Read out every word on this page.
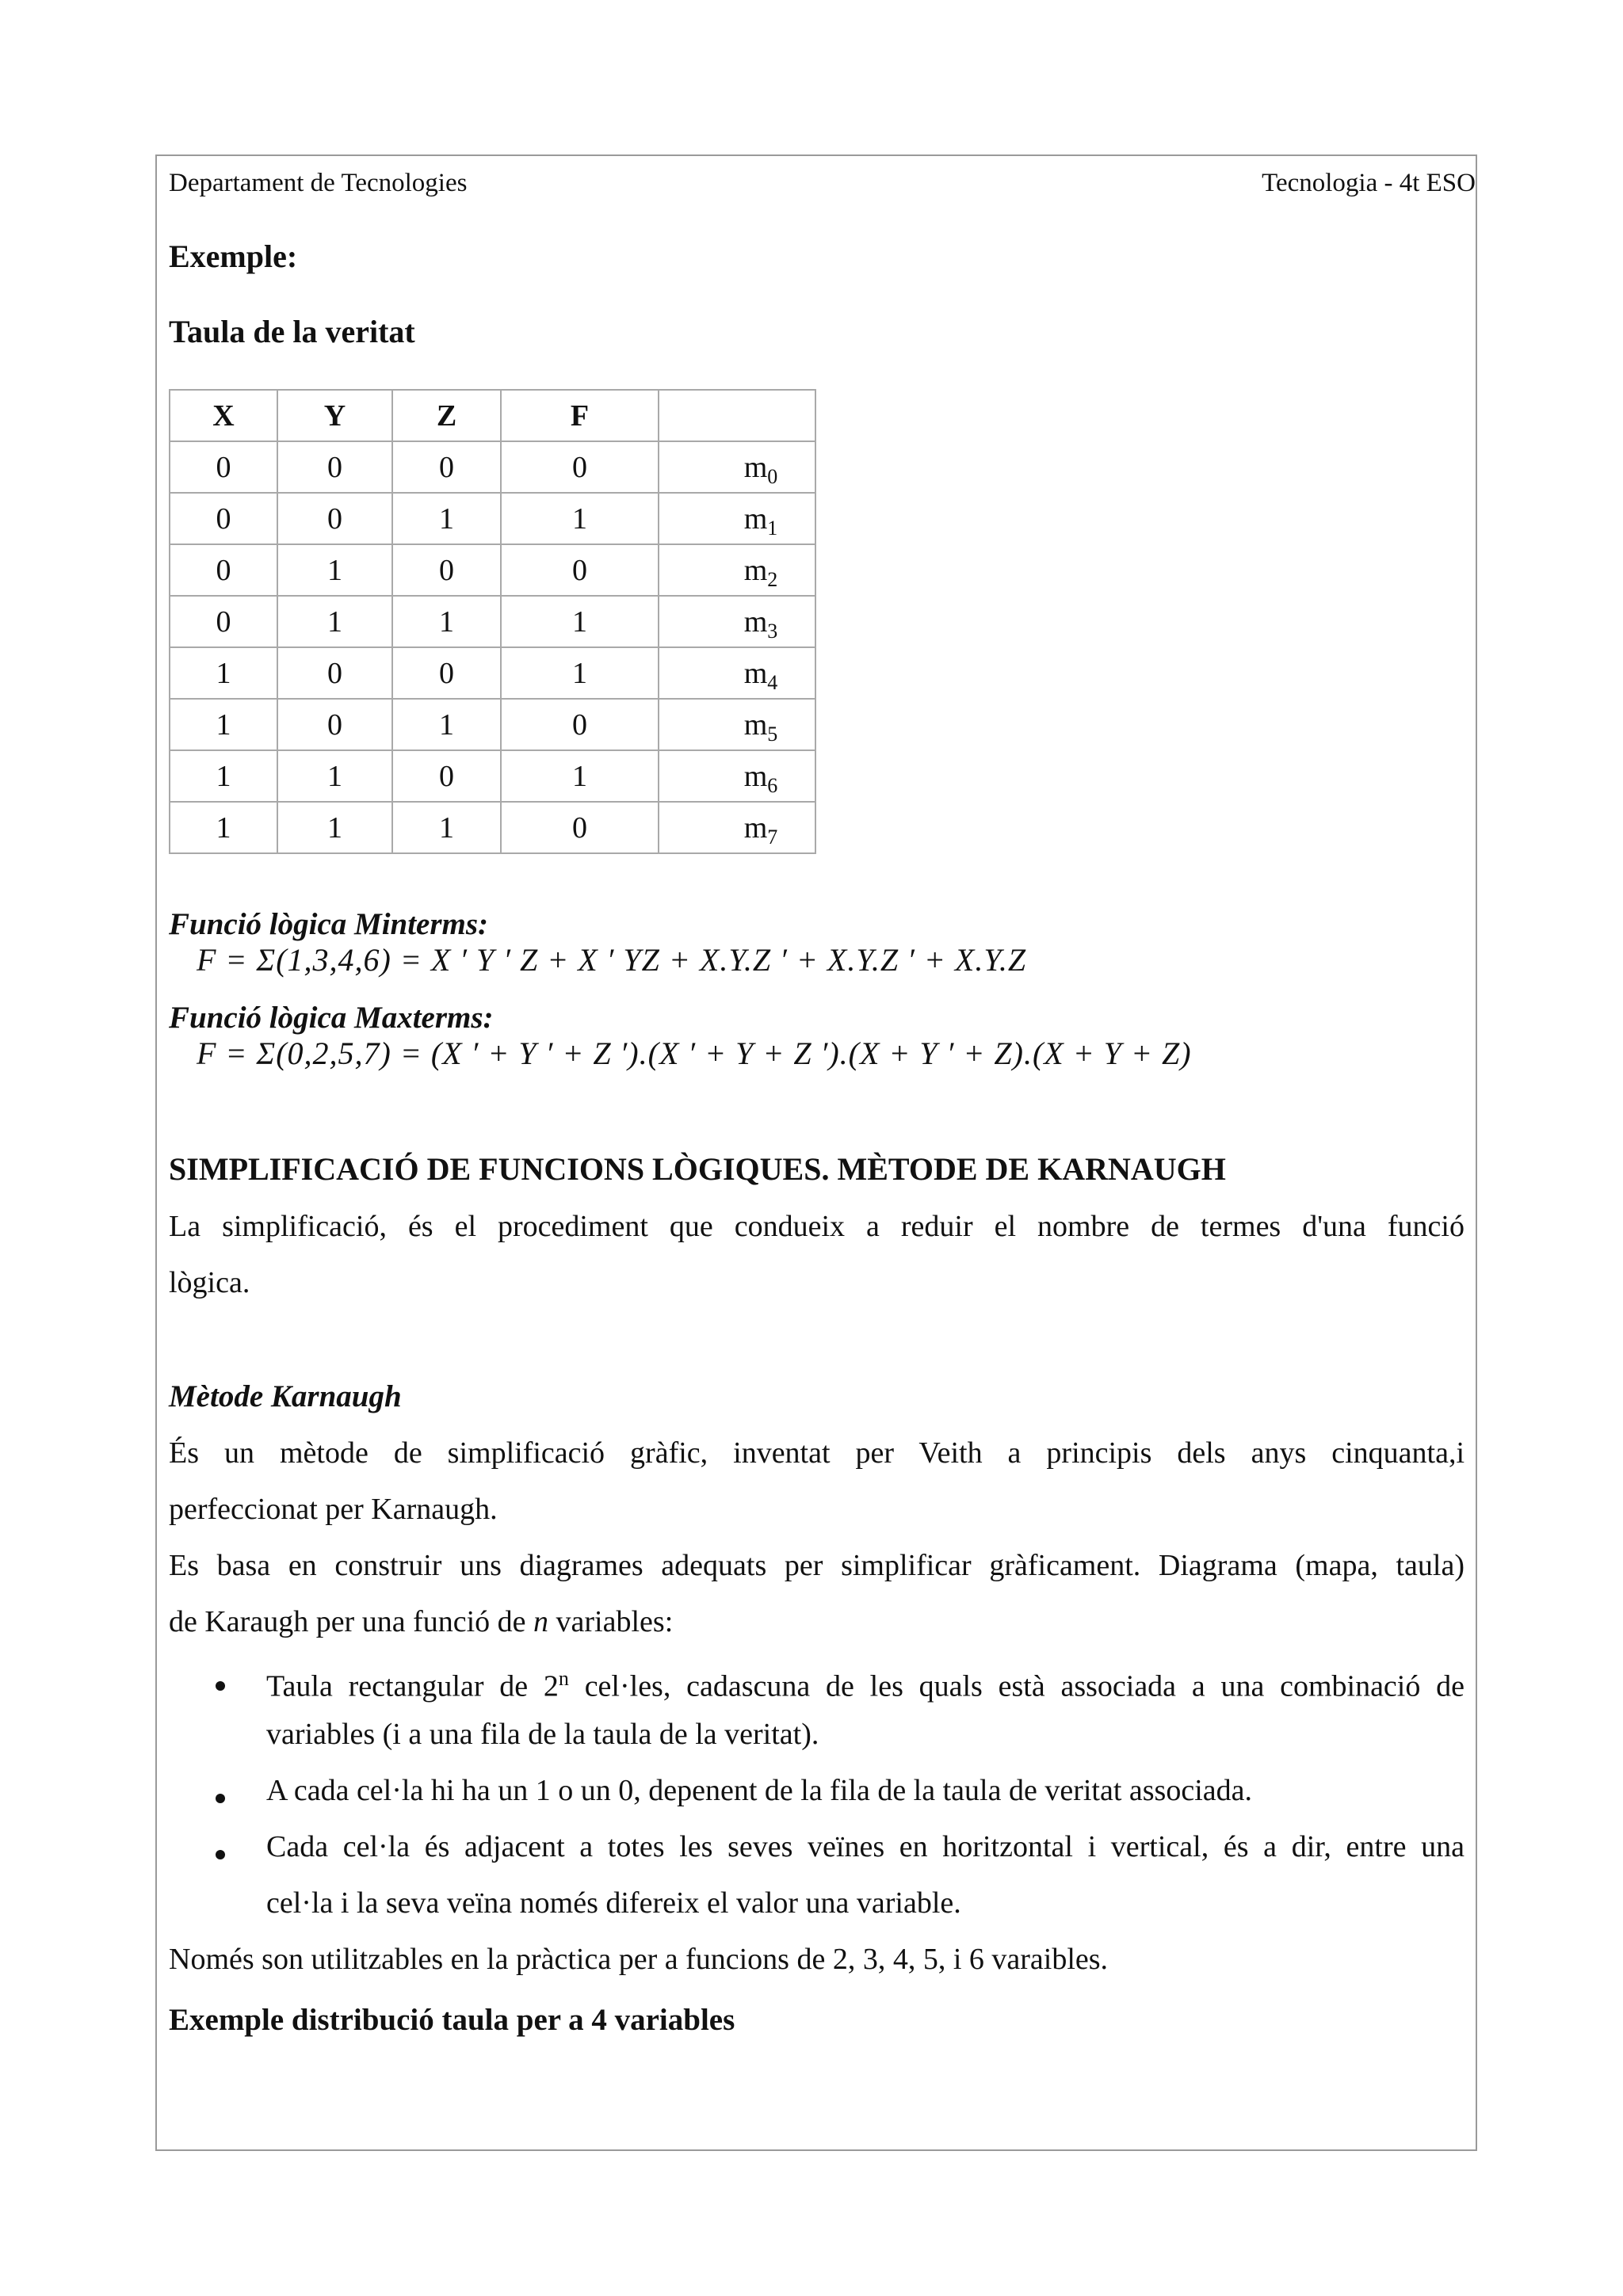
Departament de Tecnologies	Tecnologia - 4t ESO
Exemple:
Taula de la veritat
X	Y	Z	F	
0	0	0	0	$m_0$
0	0	1	1	$m_1$
0	1	0	0	$m_2$
0	1	1	1	$m_3$
1	0	0	1	$m_4$
1	0	1	0	$m_5$
1	1	0	1	$m_6$
1	1	1	0	$m_7$
Funció lògica Minterms:
F = Σ(1,3,4,6) = X ′ Y ′ Z + X ′ YZ + X.Y.Z ′ + X.Y.Z ′ + X.Y.Z
Funció lògica Maxterms:
F = Σ(0,2,5,7) = (X ′ + Y ′ + Z ′).(X ′ + Y + Z ′).(X + Y ′ + Z).(X + Y + Z)
SIMPLIFICACIÓ DE FUNCIONS LÒGIQUES. MÈTODE DE KARNAUGH
La simplificació, és el procediment que condueix a reduir el nombre de termes d'una funció
lògica.
Mètode Karnaugh
És un mètode de simplificació gràfic, inventat per Veith a principis dels anys cinquanta,i
perfeccionat per Karnaugh.
Es basa en construir uns diagrames adequats per simplificar gràficament. Diagrama (mapa, taula)
de Karaugh per una funció de n variables:
Taula rectangular de 2$^n$ cel·les, cadascuna de les quals està associada a una combinació de
variables (i a una fila de la taula de la veritat).
A cada cel·la hi ha un 1 o un 0, depenent de la fila de la taula de veritat associada.
Cada cel·la és adjacent a totes les seves veïnes en horitzontal i vertical, és a dir, entre una
cel·la i la seva veïna només difereix el valor una variable.
Només son utilitzables en la pràctica per a funcions de 2, 3, 4, 5, i 6 varaibles.
Exemple distribució taula per a 4 variables
